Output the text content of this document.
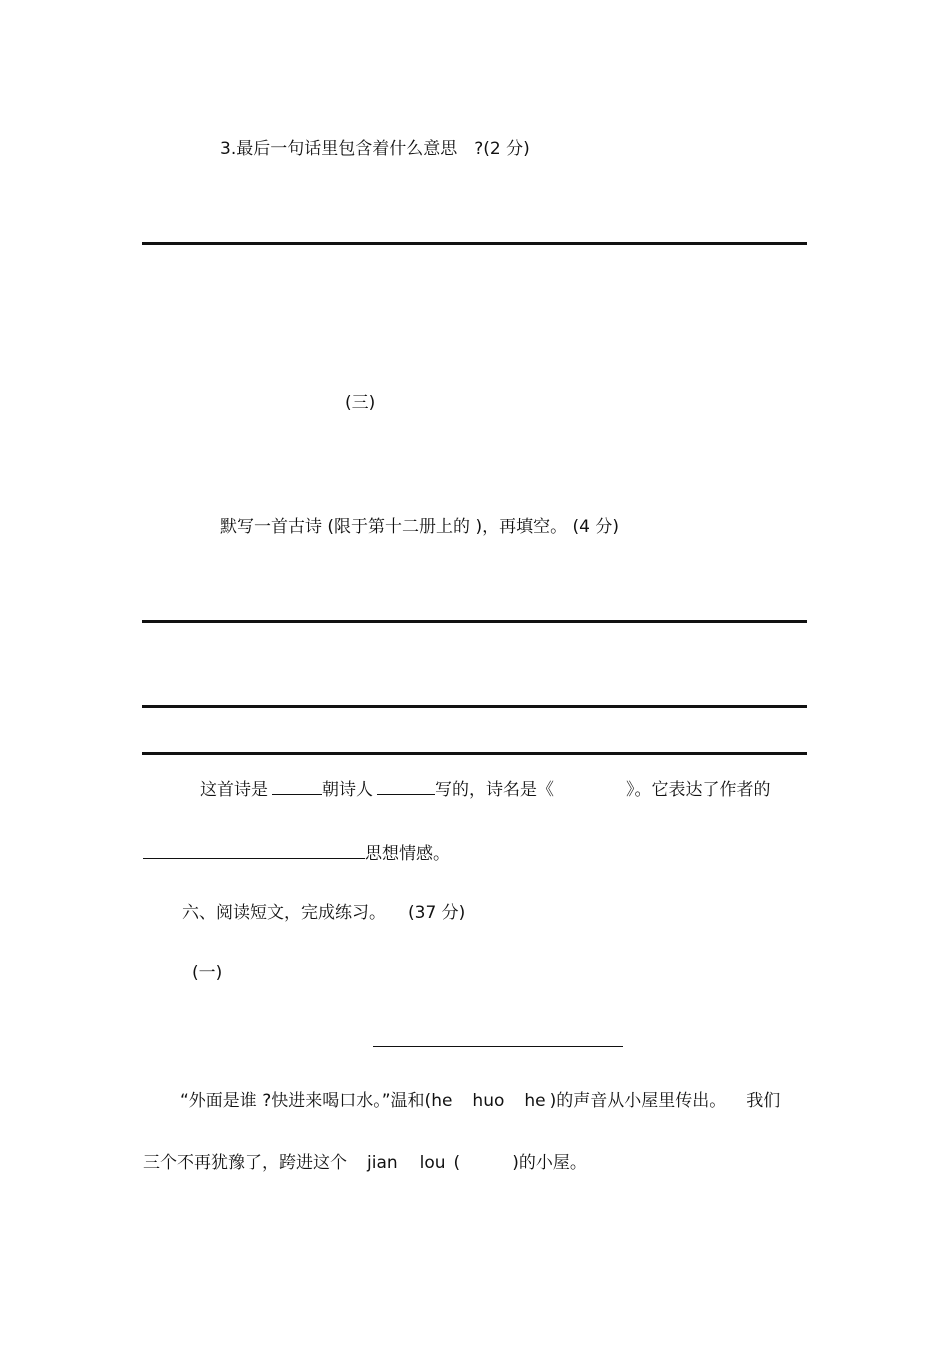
3.最后一句话里包含着什么意思　?(2 分)
(三)
默写一首古诗 (限于第十二册上的 )，再填空。 (4 分)
这首诗是	朝诗人	写的，诗名是《	》。它表达了作者的
思想情感。
六、阅读短文，完成练习。 (37 分)
(一)
“外面是谁 ?快进来喝口水。”温和(he huo he )的声音从小屋里传出。 我们
三个不再犹豫了，跨进这个 jian lou (	)的小屋。
